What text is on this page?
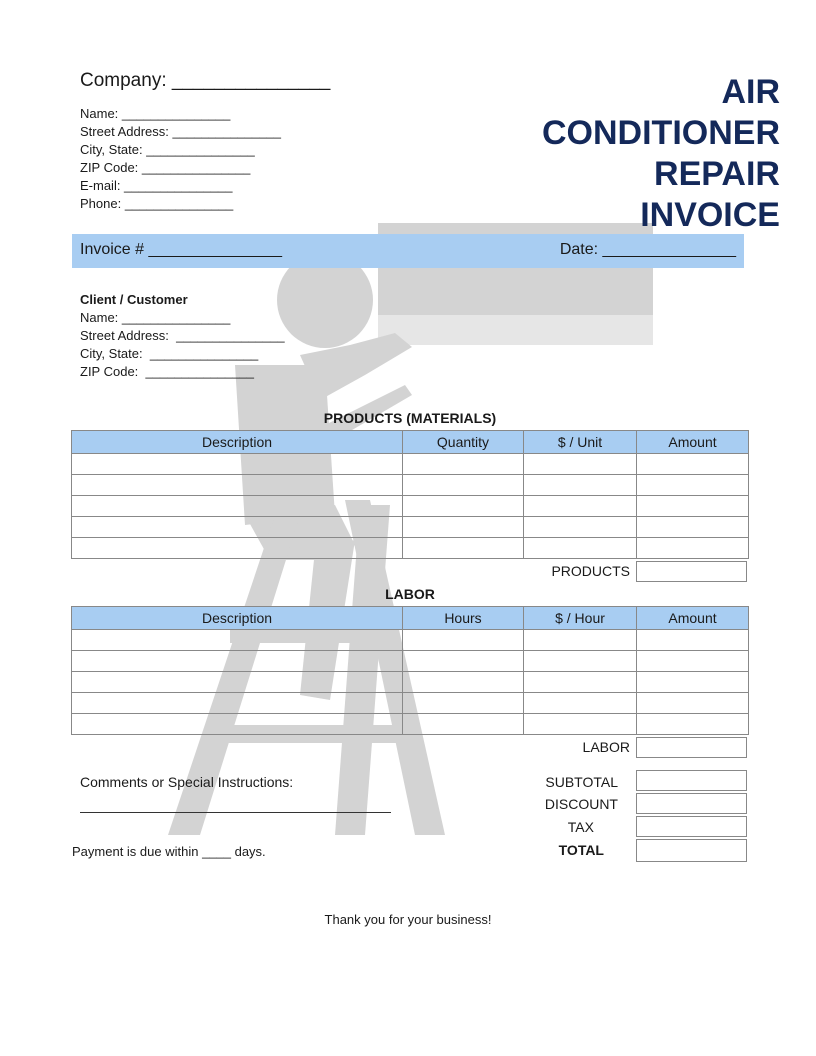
Company: _______________
Name: _______________
Street Address: _______________
City, State: _______________
ZIP Code: _______________
E-mail: _______________
Phone: _______________
AIR
CONDITIONER
REPAIR
INVOICE
Invoice # _______________	Date: _______________
Client / Customer
Name: _______________
Street Address:  _______________
City, State:  _______________
ZIP Code:  _______________
PRODUCTS (MATERIALS)
Description	Quantity	$ / Unit	Amount

PRODUCTS
LABOR
Description	Hours	$ / Hour	Amount

LABOR
SUBTOTAL
DISCOUNT
TAX
TOTAL
Comments or Special Instructions:
Payment is due within ____ days.
Thank you for your business!
